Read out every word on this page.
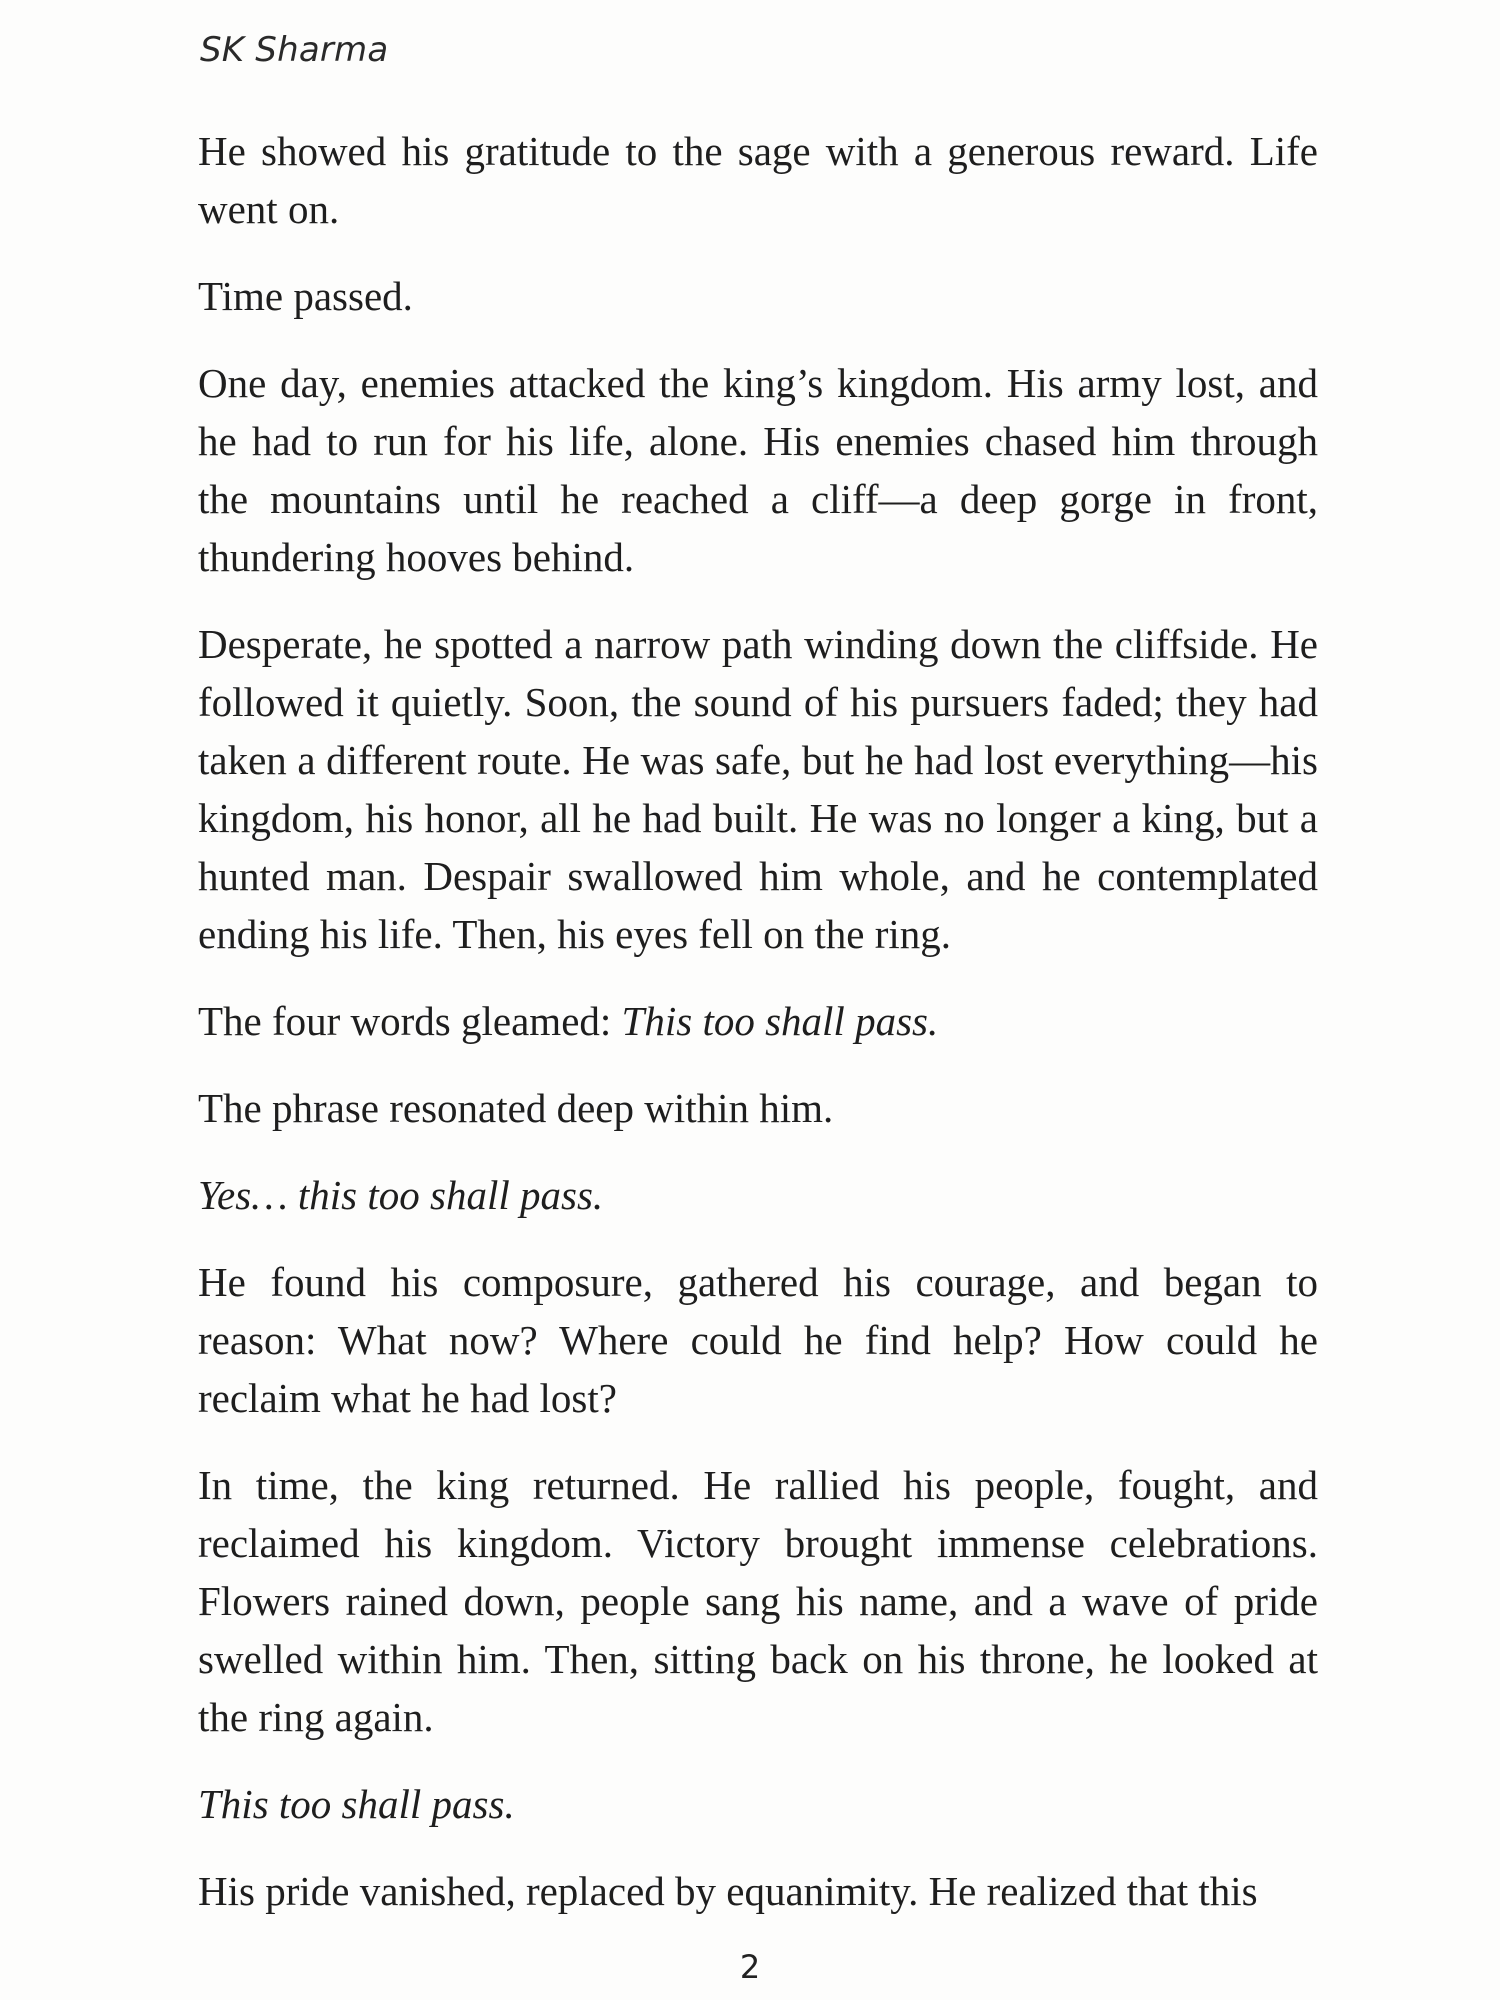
SK Sharma

He showed his gratitude to the sage with a generous reward. Life went on.

Time passed.

One day, enemies attacked the king’s kingdom. His army lost, and he had to run for his life, alone. His enemies chased him through the mountains until he reached a cliff—a deep gorge in front, thundering hooves behind.

Desperate, he spotted a narrow path winding down the cliffside. He followed it quietly. Soon, the sound of his pursuers faded; they had taken a different route. He was safe, but he had lost everything—his kingdom, his honor, all he had built. He was no longer a king, but a hunted man. Despair swallowed him whole, and he contemplated ending his life. Then, his eyes fell on the ring.

The four words gleamed: This too shall pass.

The phrase resonated deep within him.

Yes… this too shall pass.

He found his composure, gathered his courage, and began to reason: What now? Where could he find help? How could he reclaim what he had lost?

In time, the king returned. He rallied his people, fought, and reclaimed his kingdom. Victory brought immense celebrations. Flowers rained down, people sang his name, and a wave of pride swelled within him. Then, sitting back on his throne, he looked at the ring again.

This too shall pass.

His pride vanished, replaced by equanimity. He realized that this

2
